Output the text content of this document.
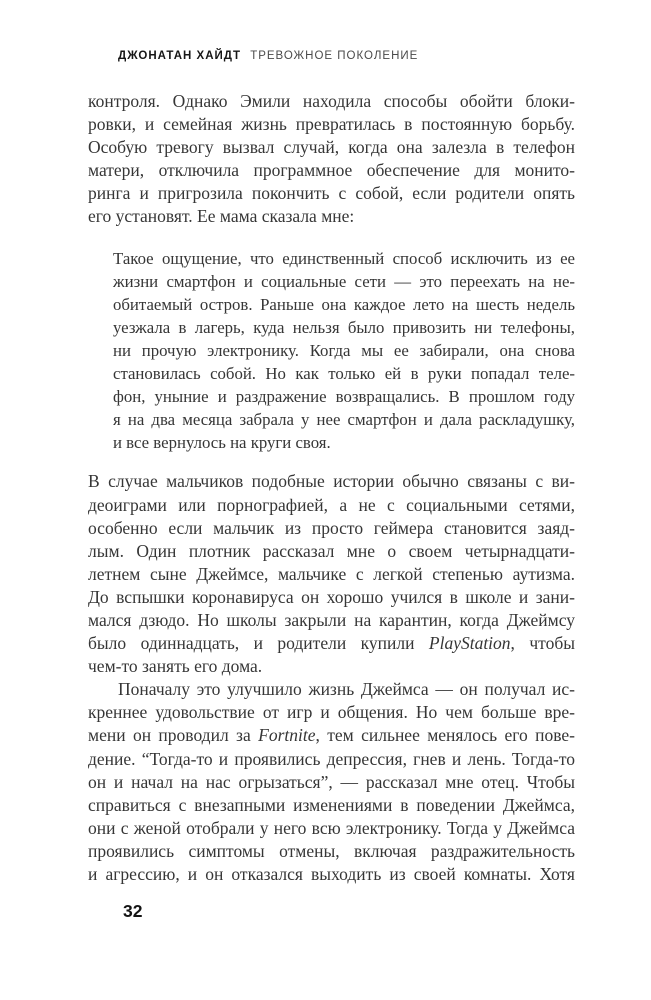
ДЖОНАТАН ХАЙДТ ТРЕВОЖНОЕ ПОКОЛЕНИЕ
контроля. Однако Эмили находила способы обойти блоки-
ровки, и семейная жизнь превратилась в постоянную борьбу.
Особую тревогу вызвал случай, когда она залезла в телефон
матери, отключила программное обеспечение для монито-
ринга и пригрозила покончить с собой, если родители опять
его установят. Ее мама сказала мне:
Такое ощущение, что единственный способ исключить из ее
жизни смартфон и социальные сети — это переехать на не-
обитаемый остров. Раньше она каждое лето на шесть недель
уезжала в лагерь, куда нельзя было привозить ни телефоны,
ни прочую электронику. Когда мы ее забирали, она снова
становилась собой. Но как только ей в руки попадал теле-
фон, уныние и раздражение возвращались. В прошлом году
я на два месяца забрала у нее смартфон и дала раскладушку,
и все вернулось на круги своя.
В случае мальчиков подобные истории обычно связаны с ви-
деоиграми или порнографией, а не с социальными сетями,
особенно если мальчик из просто геймера становится заяд-
лым. Один плотник рассказал мне о своем четырнадцати-
летнем сыне Джеймсе, мальчике с легкой степенью аутизма.
До вспышки коронавируса он хорошо учился в школе и зани-
мался дзюдо. Но школы закрыли на карантин, когда Джеймсу
было одиннадцать, и родители купили PlayStation, чтобы
чем-то занять его дома.
Поначалу это улучшило жизнь Джеймса — он получал ис-
креннее удовольствие от игр и общения. Но чем больше вре-
мени он проводил за Fortnite, тем сильнее менялось его пове-
дение. “Тогда-то и проявились депрессия, гнев и лень. Тогда-то
он и начал на нас огрызаться”, — рассказал мне отец. Чтобы
справиться с внезапными изменениями в поведении Джеймса,
они с женой отобрали у него всю электронику. Тогда у Джеймса
проявились симптомы отмены, включая раздражительность
и агрессию, и он отказался выходить из своей комнаты. Хотя
32
